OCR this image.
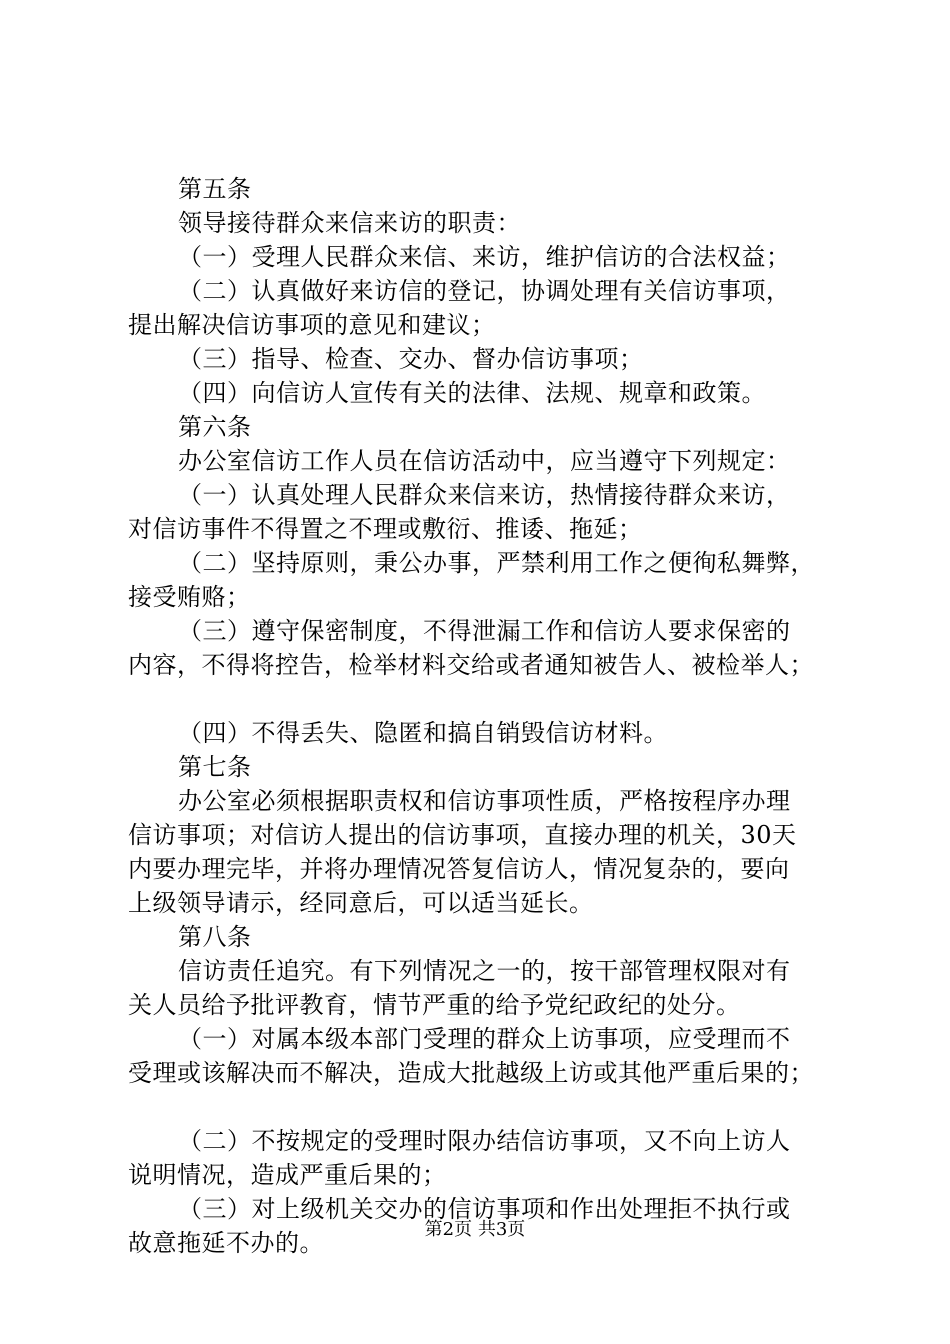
第五条
领导接待群众来信来访的职责：
（一）受理人民群众来信、来访，维护信访的合法权益；
（二）认真做好来访信的登记，协调处理有关信访事项，
提出解决信访事项的意见和建议；
（三）指导、检查、交办、督办信访事项；
（四）向信访人宣传有关的法律、法规、规章和政策。
第六条
办公室信访工作人员在信访活动中，应当遵守下列规定：
（一）认真处理人民群众来信来访，热情接待群众来访，
对信访事件不得置之不理或敷衍、推诿、拖延；
（二）坚持原则，秉公办事，严禁利用工作之便徇私舞弊，
接受贿赂；
（三）遵守保密制度，不得泄漏工作和信访人要求保密的
内容，不得将控告，检举材料交给或者通知被告人、被检举人；
（四）不得丢失、隐匿和搞自销毁信访材料。
第七条
办公室必须根据职责权和信访事项性质，严格按程序办理
信访事项；对信访人提出的信访事项，直接办理的机关，30天
内要办理完毕，并将办理情况答复信访人，情况复杂的，要向
上级领导请示，经同意后，可以适当延长。
第八条
信访责任追究。有下列情况之一的，按干部管理权限对有
关人员给予批评教育，情节严重的给予党纪政纪的处分。
（一）对属本级本部门受理的群众上访事项，应受理而不
受理或该解决而不解决，造成大批越级上访或其他严重后果的；
（二）不按规定的受理时限办结信访事项，又不向上访人
说明情况，造成严重后果的；
（三）对上级机关交办的信访事项和作出处理拒不执行或
故意拖延不办的。	第2页 共3页
